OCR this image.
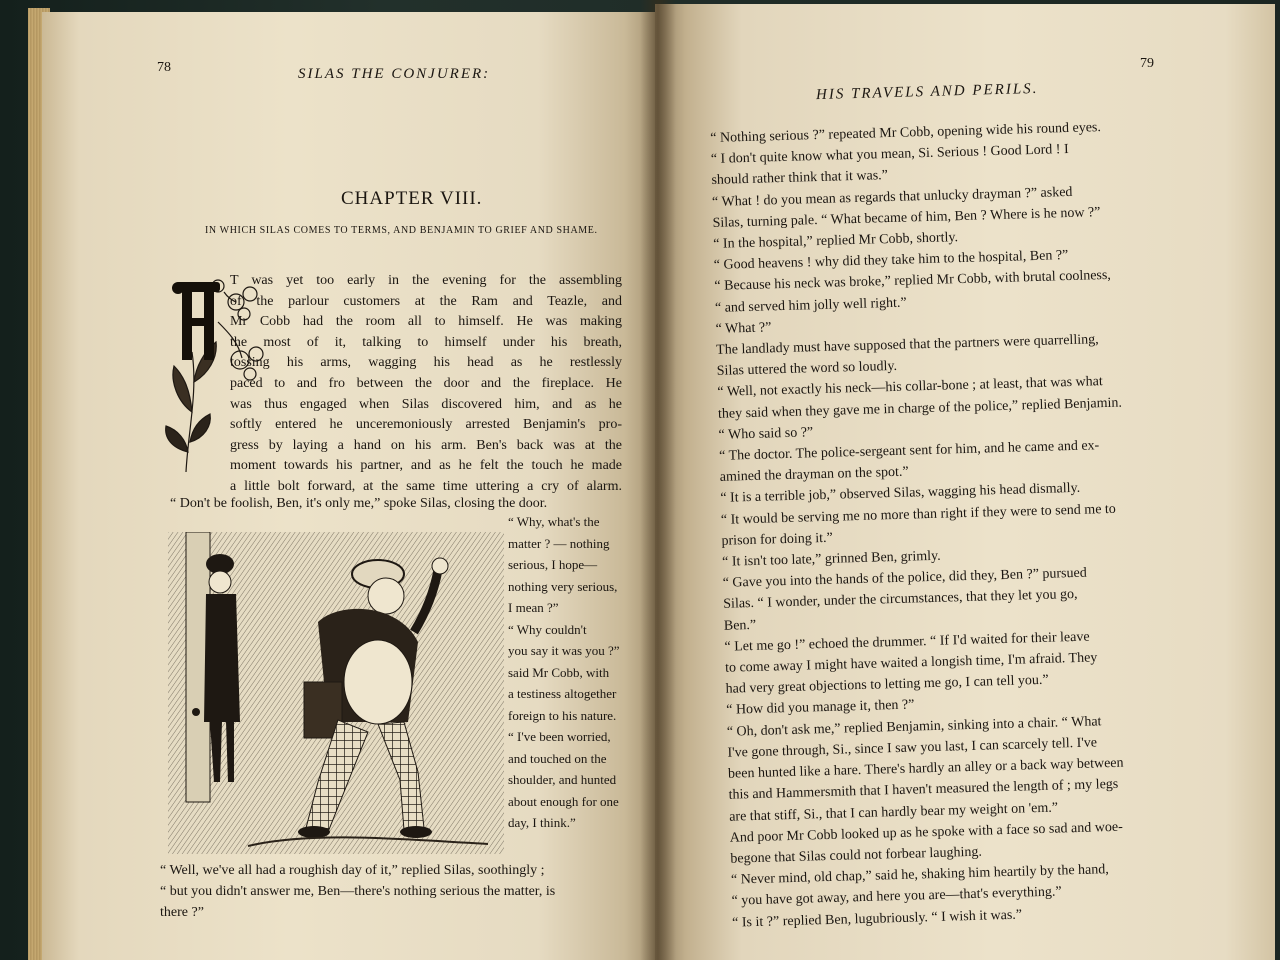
78	SILAS THE CONJURER:
CHAPTER VIII.
IN WHICH SILAS COMES TO TERMS, AND BENJAMIN TO GRIEF AND SHAME.
T was yet too early in the evening for the assembling
of the parlour customers at the Ram and Teazle, and
Mr Cobb had the room all to himself. He was making
the most of it, talking to himself under his breath,
tossing his arms, wagging his head as he restlessly
paced to and fro between the door and the fireplace. He
was thus engaged when Silas discovered him, and as he
softly entered he unceremoniously arrested Benjamin's pro-
gress by laying a hand on his arm. Ben's back was at the
moment towards his partner, and as he felt the touch he made
a little bolt forward, at the same time uttering a cry of alarm.
“ Don't be foolish, Ben, it's only me,” spoke Silas, closing the door.
“ Why, what's the
matter ? — nothing
serious, I hope—
nothing very serious,
I mean ?”
“ Why couldn't
you say it was you ?”
said Mr Cobb, with
a testiness altogether
foreign to his nature.
“ I've been worried,
and touched on the
shoulder, and hunted
about enough for one
day, I think.”
“ Well, we've all had a roughish day of it,” replied Silas, soothingly ;
“ but you didn't answer me, Ben—there's nothing serious the matter, is
there ?”
79
HIS TRAVELS AND PERILS.
“ Nothing serious ?” repeated Mr Cobb, opening wide his round eyes.
“ I don't quite know what you mean, Si. Serious ! Good Lord ! I
should rather think that it was.”
“ What ! do you mean as regards that unlucky drayman ?” asked
Silas, turning pale. “ What became of him, Ben ? Where is he now ?”
“ In the hospital,” replied Mr Cobb, shortly.
“ Good heavens ! why did they take him to the hospital, Ben ?”
“ Because his neck was broke,” replied Mr Cobb, with brutal coolness,
“ and served him jolly well right.”
“ What ?”
The landlady must have supposed that the partners were quarrelling,
Silas uttered the word so loudly.
“ Well, not exactly his neck—his collar-bone ; at least, that was what
they said when they gave me in charge of the police,” replied Benjamin.
“ Who said so ?”
“ The doctor. The police-sergeant sent for him, and he came and ex-
amined the drayman on the spot.”
“ It is a terrible job,” observed Silas, wagging his head dismally.
“ It would be serving me no more than right if they were to send me to
prison for doing it.”
“ It isn't too late,” grinned Ben, grimly.
“ Gave you into the hands of the police, did they, Ben ?” pursued
Silas. “ I wonder, under the circumstances, that they let you go,
Ben.”
“ Let me go !” echoed the drummer. “ If I'd waited for their leave
to come away I might have waited a longish time, I'm afraid. They
had very great objections to letting me go, I can tell you.”
“ How did you manage it, then ?”
“ Oh, don't ask me,” replied Benjamin, sinking into a chair. “ What
I've gone through, Si., since I saw you last, I can scarcely tell. I've
been hunted like a hare. There's hardly an alley or a back way between
this and Hammersmith that I haven't measured the length of ; my legs
are that stiff, Si., that I can hardly bear my weight on 'em.”
And poor Mr Cobb looked up as he spoke with a face so sad and woe-
begone that Silas could not forbear laughing.
“ Never mind, old chap,” said he, shaking him heartily by the hand,
“ you have got away, and here you are—that's everything.”
“ Is it ?” replied Ben, lugubriously. “ I wish it was.”
